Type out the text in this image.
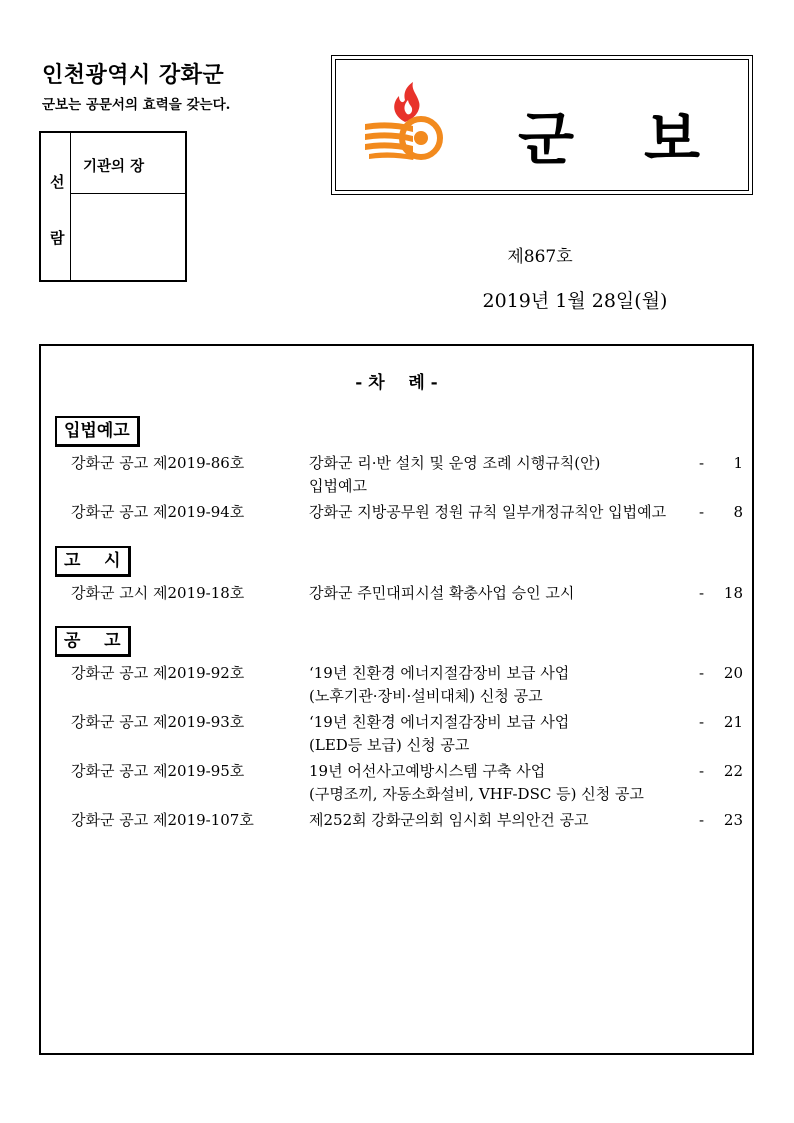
인천광역시 강화군
군보는 공문서의 효력을 갖는다.
선
람
기관의 장	군보
제867호
2019년 1월 28일(월)
- 차    례 -
입법예고
강화군 공고 제2019-86호	강화군 리·반 설치 및 운영 조례 시행규칙(안)	- 1
입법예고
강화군 공고 제2019-94호	강화군 지방공무원 정원 규칙 일부개정규칙안 입법예고 - 8
고    시
강화군 고시 제2019-18호	강화군 주민대피시설 확충사업 승인 고시	- 18
공    고
강화군 공고 제2019-92호	‘19년 친환경 에너지절감장비 보급 사업	- 20
(노후기관·장비·설비대체) 신청 공고
강화군 공고 제2019-93호	‘19년 친환경 에너지절감장비 보급 사업	- 21
(LED등 보급) 신청 공고
강화군 공고 제2019-95호	19년 어선사고예방시스템 구축 사업	- 22
(구명조끼, 자동소화설비, VHF-DSC 등) 신청 공고
강화군 공고 제2019-107호	제252회 강화군의회 임시회 부의안건 공고	- 23
